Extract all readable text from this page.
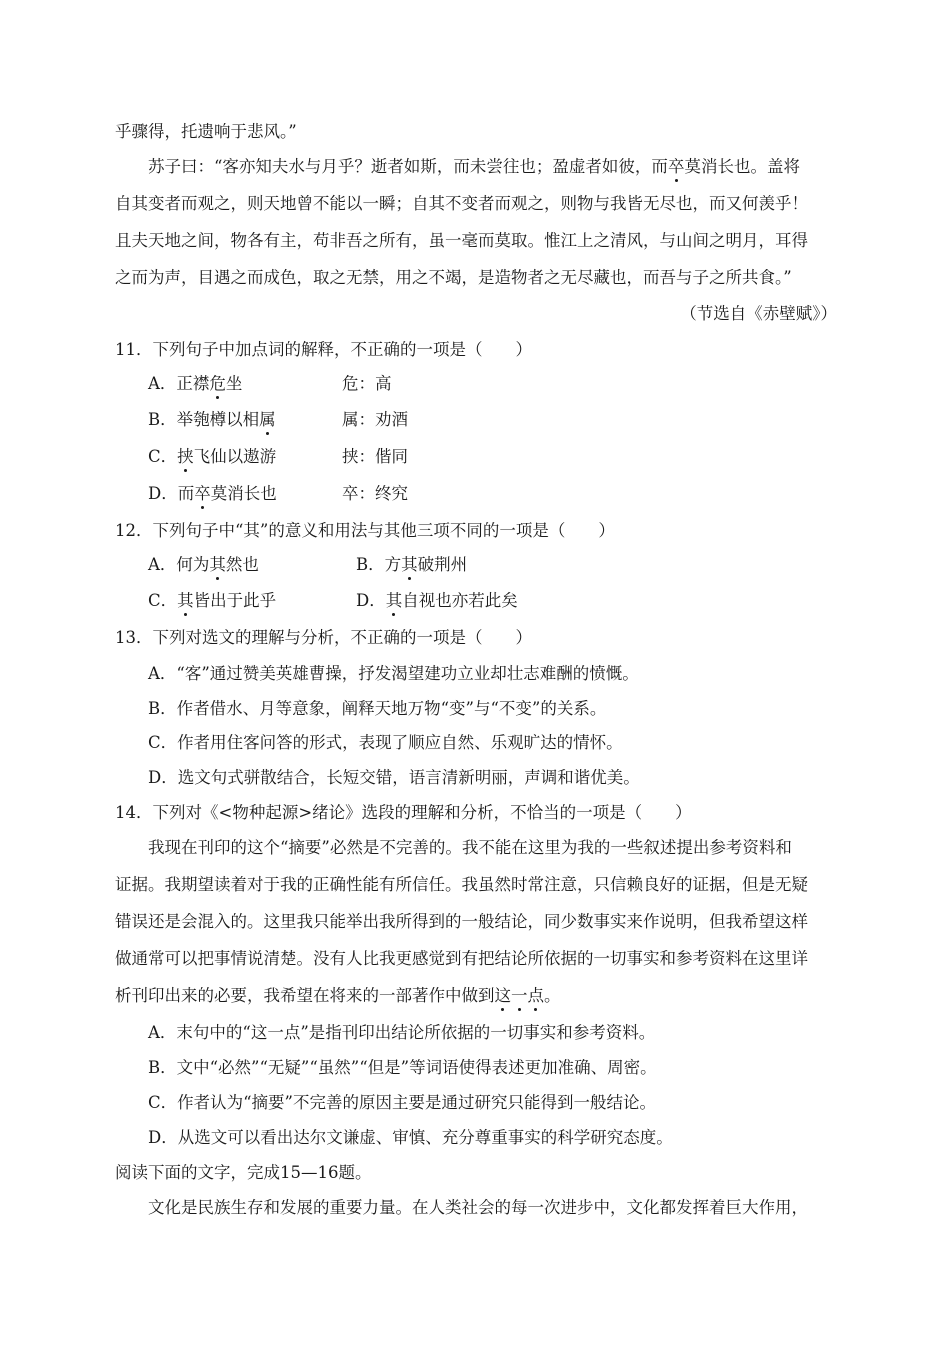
乎骤得，托遗响于悲风。”
苏子曰：“客亦知夫水与月乎？逝者如斯，而未尝往也；盈虚者如彼，而卒莫消长也。盖将
自其变者而观之，则天地曾不能以一瞬；自其不变者而观之，则物与我皆无尽也，而又何羡乎！
且夫天地之间，物各有主，苟非吾之所有，虽一毫而莫取。惟江上之清风，与山间之明月，耳得
之而为声，目遇之而成色，取之无禁，用之不竭，是造物者之无尽藏也，而吾与子之所共食。”
（节选自《赤壁赋》）
11．下列句子中加点词的解释，不正确的一项是（　　）
A．正襟危坐	危：高
B．举匏樽以相属	属：劝酒
C．挟飞仙以遨游	挟：偕同
D．而卒莫消长也	卒：终究
12．下列句子中“其”的意义和用法与其他三项不同的一项是（　　）
A．何为其然也	B．方其破荆州
C．其皆出于此乎	D．其自视也亦若此矣
13．下列对选文的理解与分析，不正确的一项是（　　）
A．“客”通过赞美英雄曹操，抒发渴望建功立业却壮志难酬的愤慨。
B．作者借水、月等意象，阐释天地万物“变”与“不变”的关系。
C．作者用住客问答的形式，表现了顺应自然、乐观旷达的情怀。
D．选文句式骈散结合，长短交错，语言清新明丽，声调和谐优美。
14．下列对《<物种起源>绪论》选段的理解和分析，不恰当的一项是（　　）
我现在刊印的这个“摘要”必然是不完善的。我不能在这里为我的一些叙述提出参考资料和
证据。我期望读着对于我的正确性能有所信任。我虽然时常注意，只信赖良好的证据，但是无疑
错误还是会混入的。这里我只能举出我所得到的一般结论，同少数事实来作说明，但我希望这样
做通常可以把事情说清楚。没有人比我更感觉到有把结论所依据的一切事实和参考资料在这里详
析刊印出来的必要，我希望在将来的一部著作中做到这一点。
A．末句中的“这一点”是指刊印出结论所依据的一切事实和参考资料。
B．文中“必然”“无疑”“虽然”“但是”等词语使得表述更加准确、周密。
C．作者认为“摘要”不完善的原因主要是通过研究只能得到一般结论。
D．从选文可以看出达尔文谦虚、审慎、充分尊重事实的科学研究态度。
阅读下面的文字，完成15—16题。
文化是民族生存和发展的重要力量。在人类社会的每一次进步中，文化都发挥着巨大作用，
